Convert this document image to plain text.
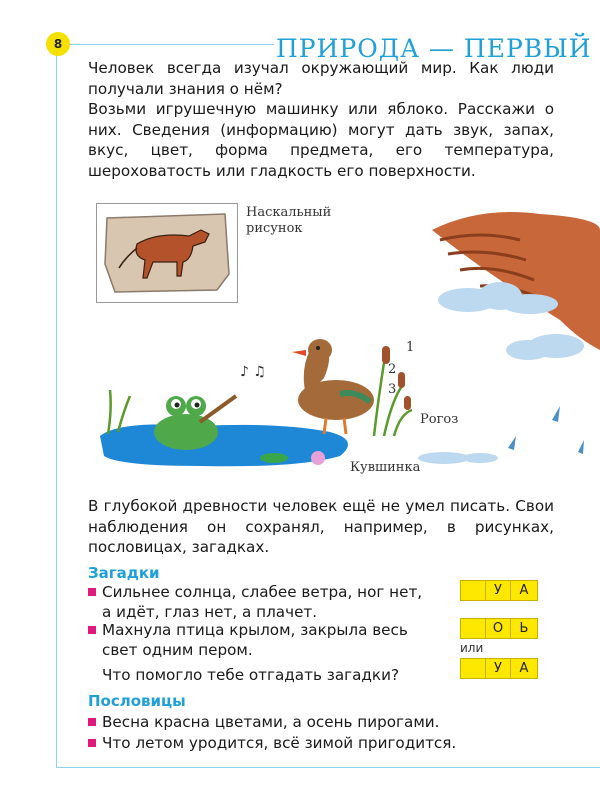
8	ПРИРОДА — ПЕРВЫЙ

Человек всегда изучал окружающий мир. Как люди получали знания о нём?

Возьми игрушечную машинку или яблоко. Расскажи о них. Сведения (информацию) могут дать звук, запах, вкус, цвет, форма предмета, его температура, шероховатость или гладкость его поверхности.

Наскальный
рисунок
♪ ♫
1
2
3
Рогоз
Кувшинка

В глубокой древности человек ещё не умел писать. Свои наблюдения он сохранял, например, в рисунках, пословицах, загадках.

Загадки
Сильнее солнца, слабее ветра, ног нет,
а идёт, глаз нет, а плачет.
Махнула птица крылом, закрыла весь
свет одним пером.
Что помогло тебе отгадать загадки?
У	А
О	Ь
или
У	А
Пословицы
Весна красна цветами, а осень пирогами.
Что летом уродится, всё зимой пригодится.
